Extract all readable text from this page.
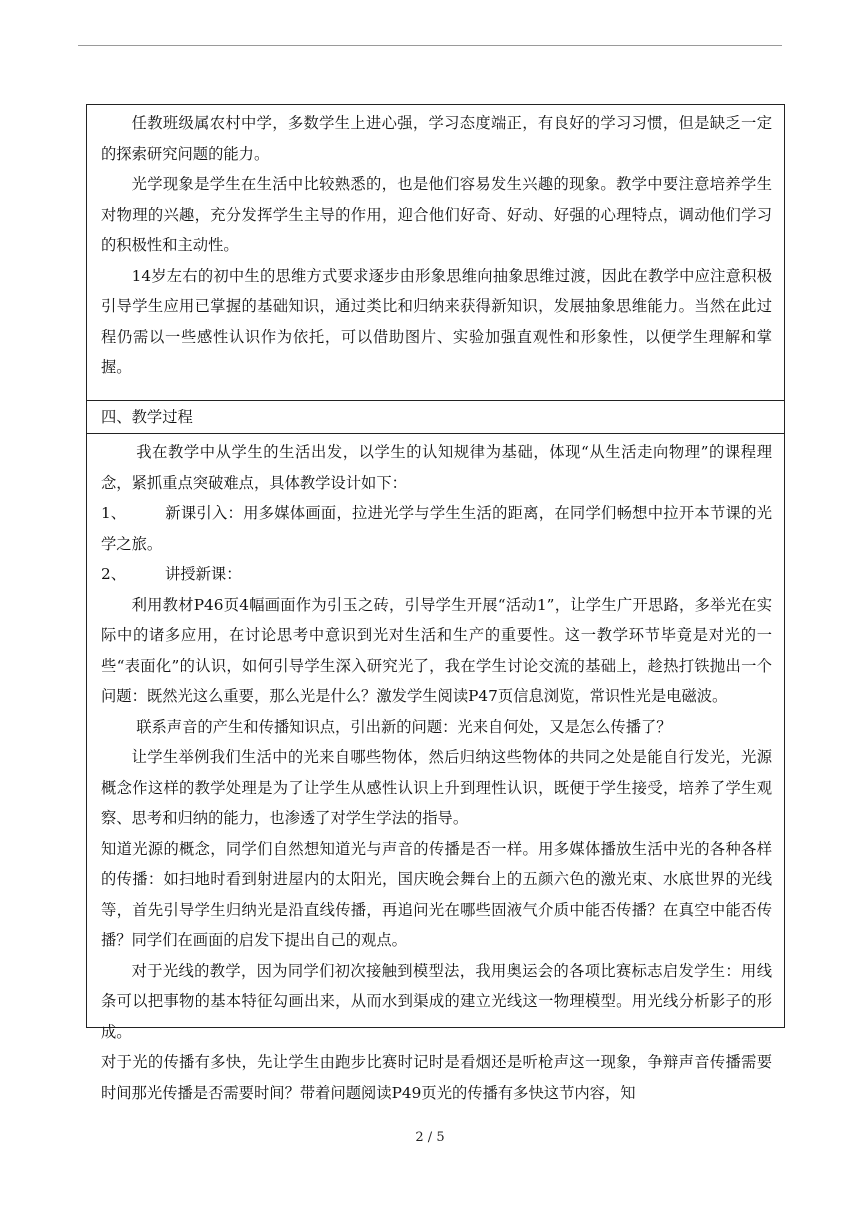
任教班级属农村中学，多数学生上进心强，学习态度端正，有良好的学习习惯，但是缺乏一定的探索研究问题的能力。

光学现象是学生在生活中比较熟悉的，也是他们容易发生兴趣的现象。教学中要注意培养学生对物理的兴趣，充分发挥学生主导的作用，迎合他们好奇、好动、好强的心理特点，调动他们学习的积极性和主动性。

14岁左右的初中生的思维方式要求逐步由形象思维向抽象思维过渡，因此在教学中应注意积极引导学生应用已掌握的基础知识，通过类比和归纳来获得新知识，发展抽象思维能力。当然在此过程仍需以一些感性认识作为依托，可以借助图片、实验加强直观性和形象性，以便学生理解和掌握。

四、教学过程

我在教学中从学生的生活出发，以学生的认知规律为基础，体现“从生活走向物理”的课程理念，紧抓重点突破难点，具体教学设计如下：

1、	新课引入：用多媒体画面，拉进光学与学生生活的距离，在同学们畅想中拉开本节课的光学之旅。

2、	讲授新课：

利用教材P46页4幅画面作为引玉之砖，引导学生开展“活动1”，让学生广开思路，多举光在实际中的诸多应用，在讨论思考中意识到光对生活和生产的重要性。这一教学环节毕竟是对光的一些“表面化”的认识，如何引导学生深入研究光了，我在学生讨论交流的基础上，趁热打铁抛出一个问题：既然光这么重要，那么光是什么？激发学生阅读P47页信息浏览，常识性光是电磁波。

联系声音的产生和传播知识点，引出新的问题：光来自何处，又是怎么传播了？

让学生举例我们生活中的光来自哪些物体，然后归纳这些物体的共同之处是能自行发光，光源概念作这样的教学处理是为了让学生从感性认识上升到理性认识，既便于学生接受，培养了学生观察、思考和归纳的能力，也渗透了对学生学法的指导。

知道光源的概念，同学们自然想知道光与声音的传播是否一样。用多媒体播放生活中光的各种各样的传播：如扫地时看到射进屋内的太阳光，国庆晚会舞台上的五颜六色的激光束、水底世界的光线等，首先引导学生归纳光是沿直线传播，再追问光在哪些固液气介质中能否传播？在真空中能否传播？同学们在画面的启发下提出自己的观点。

对于光线的教学，因为同学们初次接触到模型法，我用奥运会的各项比赛标志启发学生：用线条可以把事物的基本特征勾画出来，从而水到渠成的建立光线这一物理模型。用光线分析影子的形成。

对于光的传播有多快，先让学生由跑步比赛时记时是看烟还是听枪声这一现象，争辩声音传播需要时间那光传播是否需要时间？带着问题阅读P49页光的传播有多快这节内容，知

2 / 5
